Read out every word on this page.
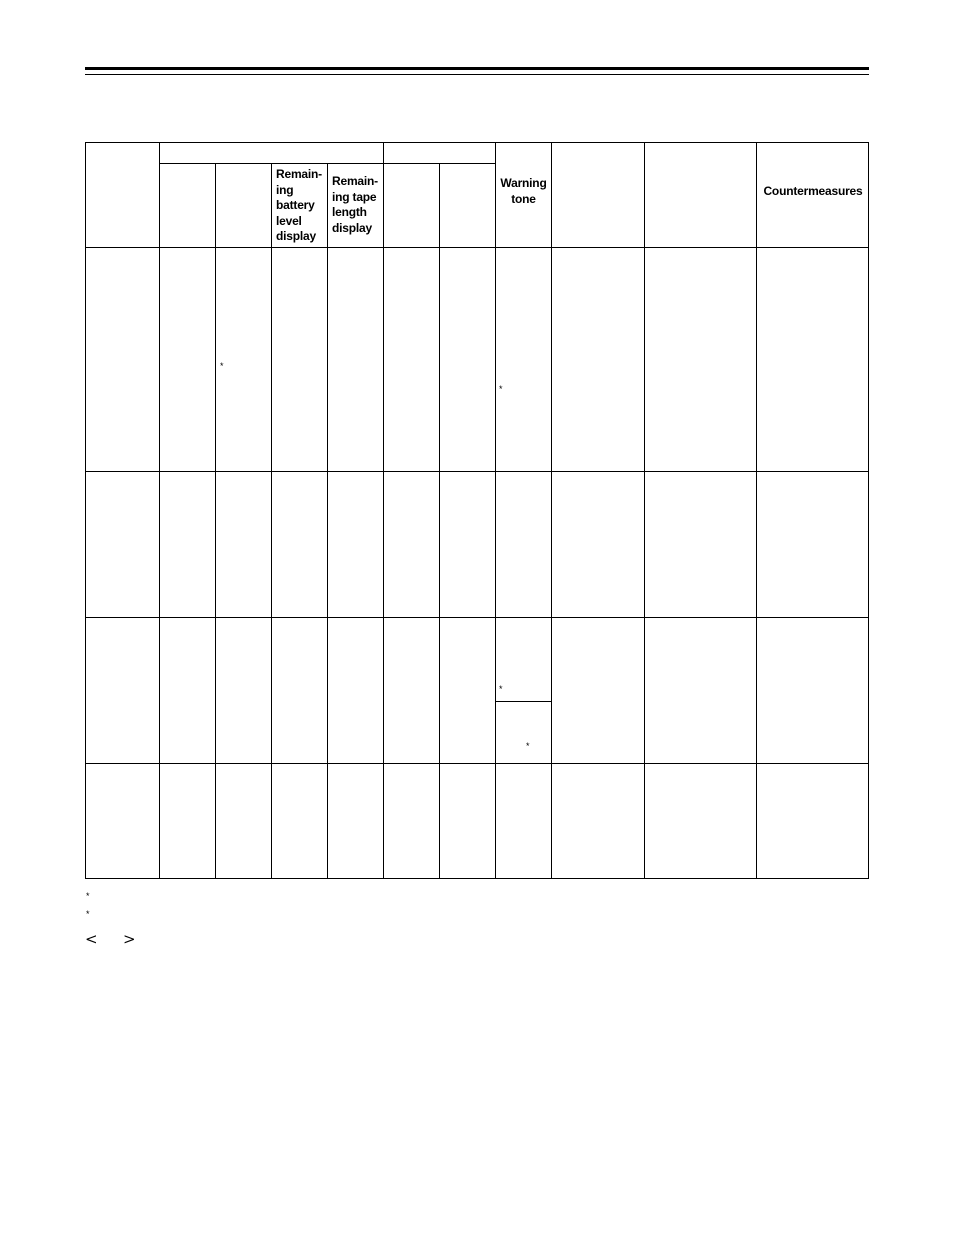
Remain-
ing
battery
level
display
Remain-
ing tape
length
display
Warning
tone
Countermeasures
*
*
*
*
*
*
< >
